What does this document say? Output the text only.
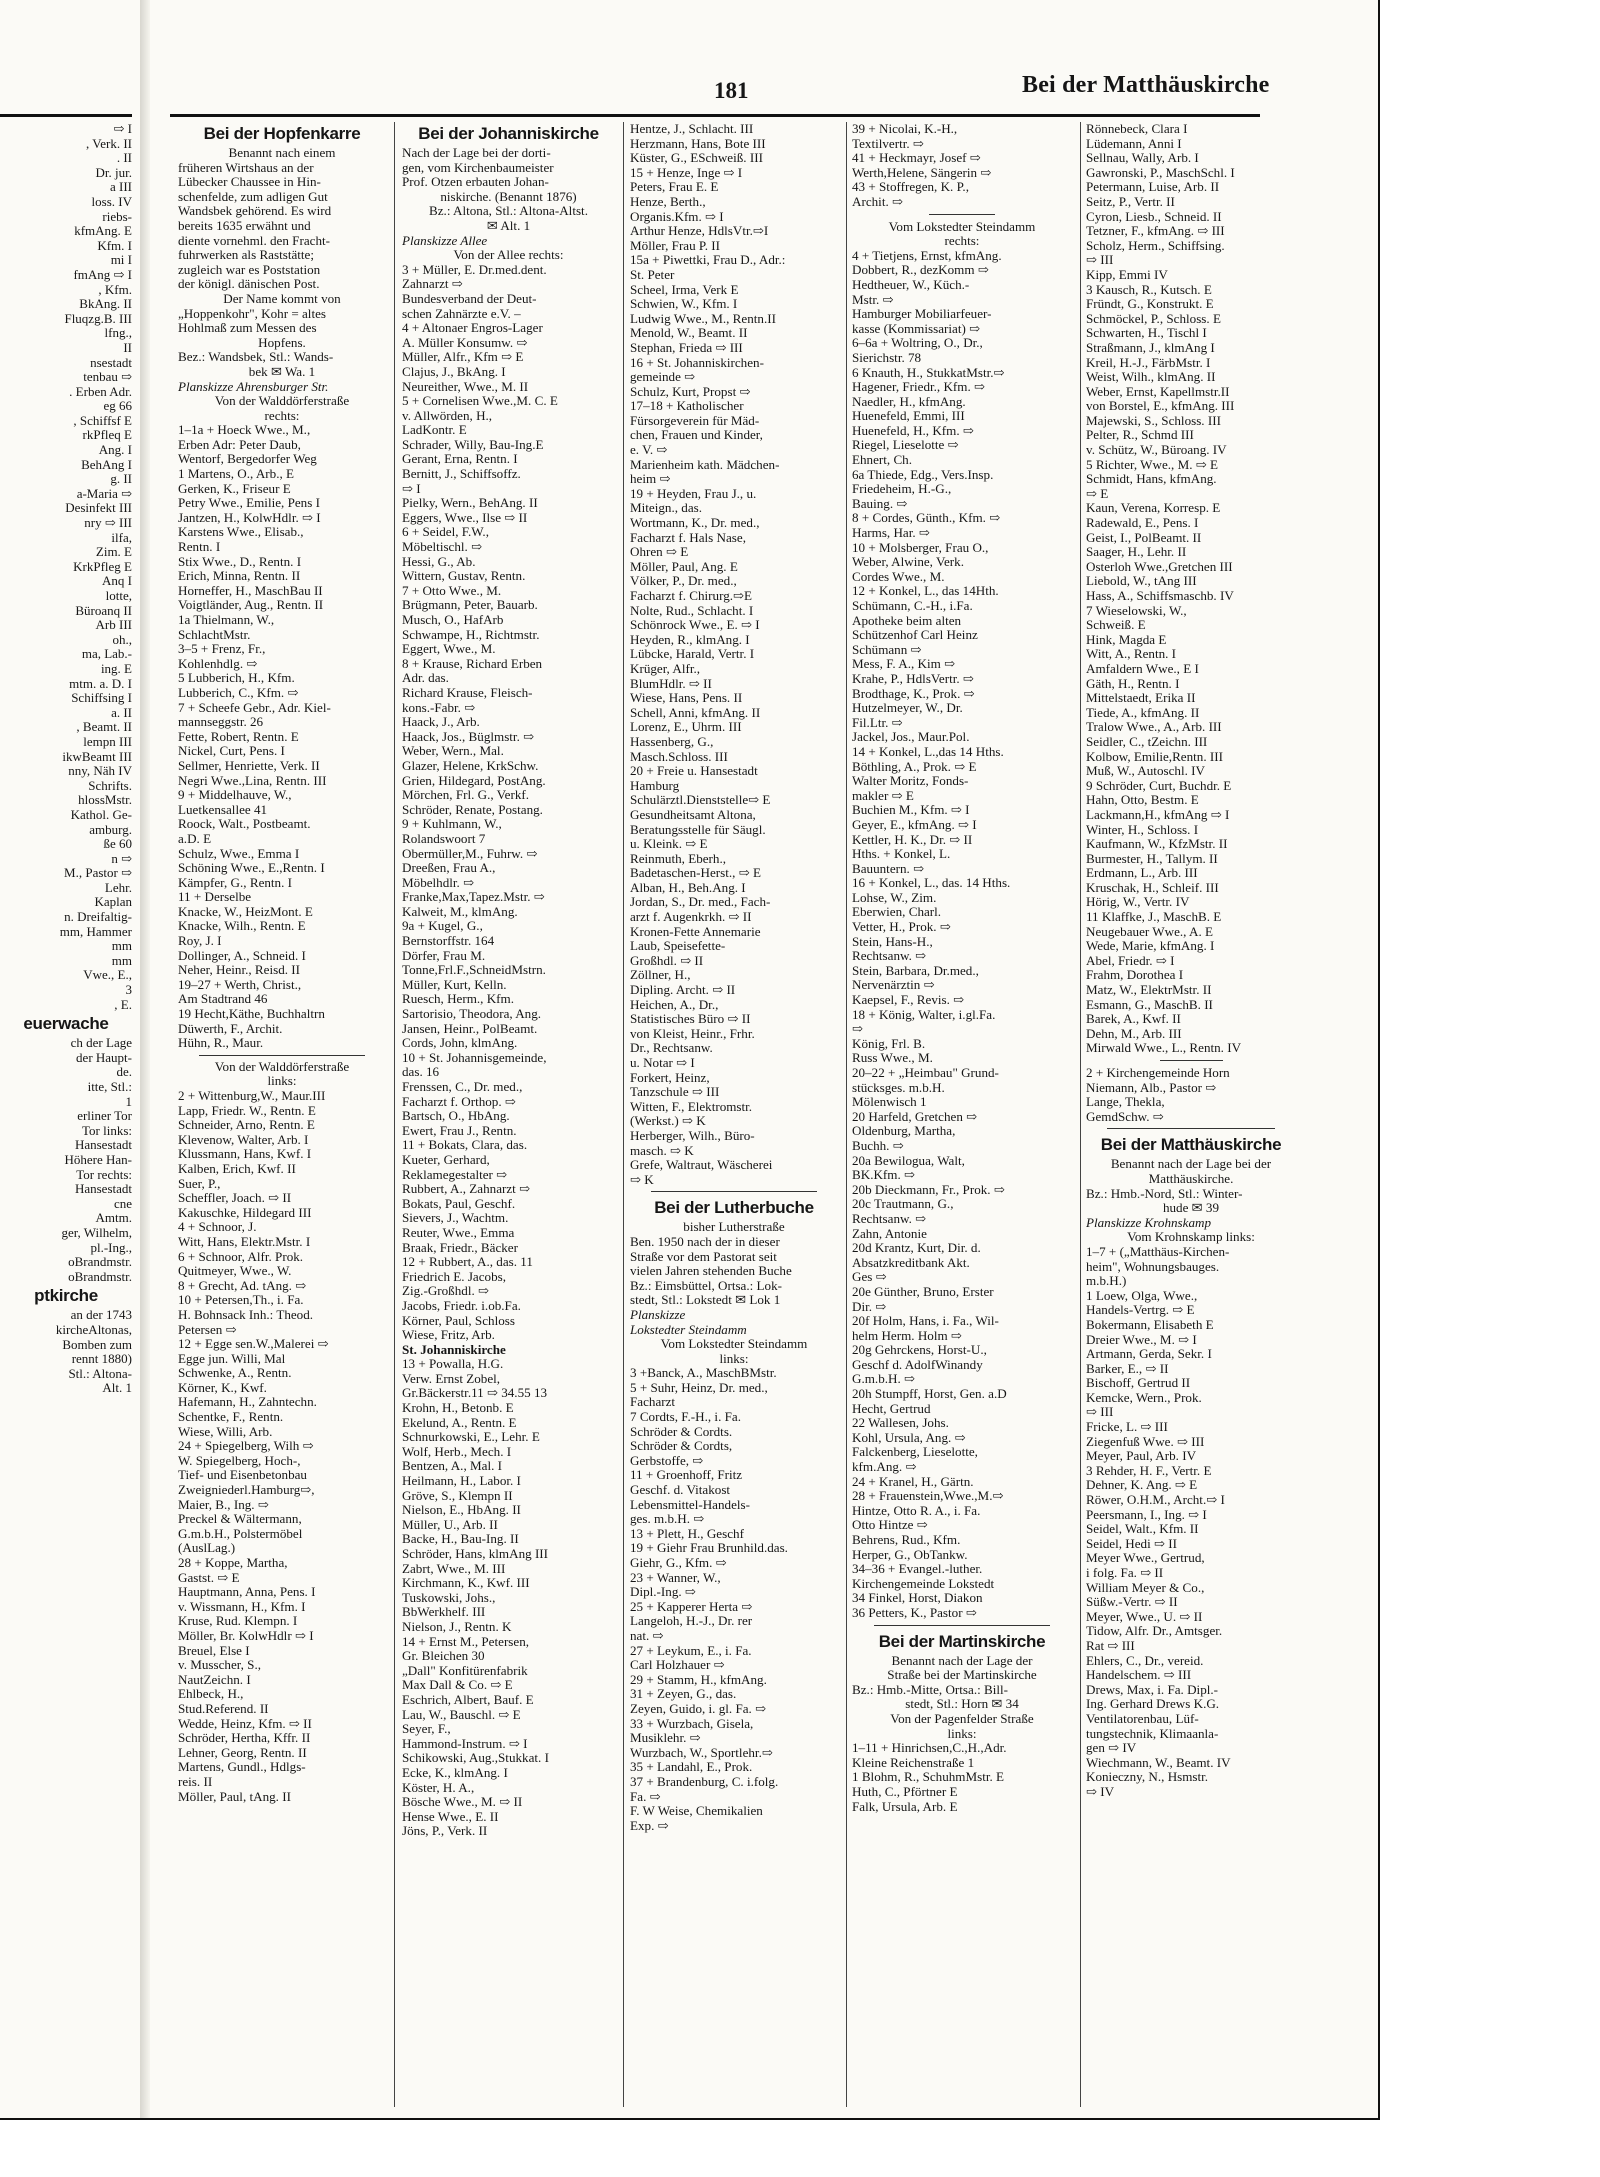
181	Bei der Matthäuskirche
⇨ I
, Verk. II
. II
Dr. jur.
a III
loss. IV
riebs-
kfmAng. E
Kfm. I
mi I
fmAng ⇨ I
, Kfm.
BkAng. II
Fluqzg.B. III
lfng.,
II
nsestadt
tenbau ⇨
. Erben Adr.
eg 66
, Schiffsf E
rkPfleq E
Ang. I
BehAng I
g. II
a-Maria ⇨
Desinfekt III
nry ⇨ III
ilfa,
Zim. E
KrkPfleg E
Anq I
lotte,
Büroanq II
Arb III
oh.,
ma, Lab.-
ing. E
mtm. a. D. I
Schiffsing I
a. II
, Beamt. II
lempn III
ikwBeamt III
nny, Näh IV
Schrifts.
hlossMstr.
Kathol. Ge-
amburg.
ße 60
n ⇨
M., Pastor ⇨
Lehr.
Kaplan
n. Dreifaltig-
mm, Hammer
mm
mm
Vwe., E.,
3
, E.
euerwache
ch der Lage
der Haupt-
de.
itte, Stl.:
1
erliner Tor
Tor links:
Hansestadt
Höhere Han-
Tor rechts:
Hansestadt
cne
Amtm.
ger, Wilhelm,
pl.-Ing.,
oBrandmstr.
oBrandmstr.
ptkirche
an der 1743
kircheAltonas,
Bomben zum
rennt 1880)
Stl.: Altona-
Alt. 1
Bei der Hopfenkarre
Benannt nach einem
früheren Wirtshaus an der
Lübecker Chaussee in Hin-
schenfelde, zum adligen Gut
Wandsbek gehörend. Es wird
bereits 1635 erwähnt und
diente vornehml. den Fracht-
fuhrwerken als Raststätte;
zugleich war es Poststation
der königl. dänischen Post.
Der Name kommt von
„Hoppenkohr", Kohr = altes
Hohlmaß zum Messen des
Hopfens.
Bez.: Wandsbek, Stl.: Wands-
bek ✉ Wa. 1
Planskizze Ahrensburger Str.
Von der Walddörferstraße
rechts:
1–1a + Hoeck Wwe., M.,
Erben Adr: Peter Daub,
Wentorf, Bergedorfer Weg
1 Martens, O., Arb., E
Gerken, K., Friseur E
Petry Wwe., Emilie, Pens I
Jantzen, H., KolwHdlr. ⇨ I
Karstens Wwe., Elisab.,
Rentn. I
Stix Wwe., D., Rentn. I
Erich, Minna, Rentn. II
Horneffer, H., MaschBau II
Voigtländer, Aug., Rentn. II
1a Thielmann, W.,
SchlachtMstr.
3–5 + Frenz, Fr.,
Kohlenhdlg. ⇨
5 Lubberich, H., Kfm.
Lubberich, C., Kfm. ⇨
7 + Scheefe Gebr., Adr. Kiel-
mannseggstr. 26
Fette, Robert, Rentn. E
Nickel, Curt, Pens. I
Sellmer, Henriette, Verk. II
Negri Wwe.,Lina, Rentn. III
9 + Middelhauve, W.,
Luetkensallee 41
Roock, Walt., Postbeamt.
a.D. E
Schulz, Wwe., Emma I
Schöning Wwe., E.,Rentn. I
Kämpfer, G., Rentn. I
11 + Derselbe
Knacke, W., HeizMont. E
Knacke, Wilh., Rentn. E
Roy, J. I
Dollinger, A., Schneid. I
Neher, Heinr., Reisd. II
19–27 + Werth, Christ.,
Am Stadtrand 46
19 Hecht,Käthe, Buchhaltrn
Düwerth, F., Archit.
Hühn, R., Maur.
Von der Walddörferstraße
links:
2 + Wittenburg,W., Maur.III
Lapp, Friedr. W., Rentn. E
Schneider, Arno, Rentn. E
Klevenow, Walter, Arb. I
Klussmann, Hans, Kwf. I
Kalben, Erich, Kwf. II
Suer, P.,
Scheffler, Joach. ⇨ II
Kakuschke, Hildegard III
4 + Schnoor, J.
Witt, Hans, Elektr.Mstr. I
6 + Schnoor, Alfr. Prok.
Quitmeyer, Wwe., W.
8 + Grecht, Ad. tAng. ⇨
10 + Petersen,Th., i. Fa.
H. Bohnsack Inh.: Theod.
Petersen ⇨
12 + Egge sen.W.,Malerei ⇨
Egge jun. Willi, Mal
Schwenke, A., Rentn.
Körner, K., Kwf.
Hafemann, H., Zahntechn.
Schentke, F., Rentn.
Wiese, Willi, Arb.
24 + Spiegelberg, Wilh ⇨
W. Spiegelberg, Hoch-,
Tief- und Eisenbetonbau
Zweigniederl.Hamburg⇨,
Maier, B., Ing. ⇨
Preckel & Wältermann,
G.m.b.H., Polstermöbel
(AuslLag.)
28 + Koppe, Martha,
Gastst. ⇨ E
Hauptmann, Anna, Pens. I
v. Wissmann, H., Kfm. I
Kruse, Rud. Klempn. I
Möller, Br. KolwHdlr ⇨ I
Breuel, Else I
v. Musscher, S.,
NautZeichn. I
Ehlbeck, H.,
Stud.Referend. II
Wedde, Heinz, Kfm. ⇨ II
Schröder, Hertha, Kffr. II
Lehner, Georg, Rentn. II
Martens, Gundl., Hdlgs-
reis. II
Möller, Paul, tAng. II
Bei der Johanniskirche
Nach der Lage bei der dorti-
gen, vom Kirchenbaumeister
Prof. Otzen erbauten Johan-
niskirche. (Benannt 1876)
Bz.: Altona, Stl.: Altona-Altst.
✉ Alt. 1
Planskizze Allee
Von der Allee rechts:
3 + Müller, E. Dr.med.dent.
Zahnarzt ⇨
Bundesverband der Deut-
schen Zahnärzte e.V. –
4 + Altonaer Engros-Lager
A. Müller Konsumw. ⇨
Müller, Alfr., Kfm ⇨ E
Clajus, J., BkAng. I
Neureither, Wwe., M. II
5 + Cornelisen Wwe.,M. C. E
v. Allwörden, H.,
LadKontr. E
Schrader, Willy, Bau-Ing.E
Gerant, Erna, Rentn. I
Bernitt, J., Schiffsoffz.
⇨ I
Pielky, Wern., BehAng. II
Eggers, Wwe., Ilse ⇨ II
6 + Seidel, F.W.,
Möbeltischl. ⇨
Hessi, G., Ab.
Wittern, Gustav, Rentn.
7 + Otto Wwe., M.
Brügmann, Peter, Bauarb.
Musch, O., HafArb
Schwampe, H., Richtmstr.
Eggert, Wwe., M.
8 + Krause, Richard Erben
Adr. das.
Richard Krause, Fleisch-
kons.-Fabr. ⇨
Haack, J., Arb.
Haack, Jos., Büglmstr. ⇨
Weber, Wern., Mal.
Glazer, Helene, KrkSchw.
Grien, Hildegard, PostAng.
Mörchen, Frl. G., Verkf.
Schröder, Renate, Postang.
9 + Kuhlmann, W.,
Rolandswoort 7
Obermüller,M., Fuhrw. ⇨
Dreeßen, Frau A.,
Möbelhdlr. ⇨
Franke,Max,Tapez.Mstr. ⇨
Kalweit, M., klmAng.
9a + Kugel, G.,
Bernstorffstr. 164
Dörfer, Frau M.
Tonne,Frl.F.,SchneidMstrn.
Müller, Kurt, Kelln.
Ruesch, Herm., Kfm.
Sartorisio, Theodora, Ang.
Jansen, Heinr., PolBeamt.
Cords, John, klmAng.
10 + St. Johannisgemeinde,
das. 16
Frenssen, C., Dr. med.,
Facharzt f. Orthop. ⇨
Bartsch, O., HbAng.
Ewert, Frau J., Rentn.
11 + Bokats, Clara, das.
Kueter, Gerhard,
Reklamegestalter ⇨
Rubbert, A., Zahnarzt ⇨
Bokats, Paul, Geschf.
Sievers, J., Wachtm.
Reuter, Wwe., Emma
Braak, Friedr., Bäcker
12 + Rubbert, A., das. 11
Friedrich E. Jacobs,
Zig.-Großhdl. ⇨
Jacobs, Friedr. i.ob.Fa.
Körner, Paul, Schloss
Wiese, Fritz, Arb.
St. Johanniskirche
13 + Powalla, H.G.
Verw. Ernst Zobel,
Gr.Bäckerstr.11 ⇨ 34.55 13
Krohn, H., Betonb. E
Ekelund, A., Rentn. E
Schnurkowski, E., Lehr. E
Wolf, Herb., Mech. I
Bentzen, A., Mal. I
Heilmann, H., Labor. I
Gröve, S., Klempn II
Nielson, E., HbAng. II
Müller, U., Arb. II
Backe, H., Bau-Ing. II
Schröder, Hans, klmAng III
Zabrt, Wwe., M. III
Kirchmann, K., Kwf. III
Tuskowski, Johs.,
BbWerkhelf. III
Nielson, J., Rentn. K
14 + Ernst M., Petersen,
Gr. Bleichen 30
„Dall" Konfitürenfabrik
Max Dall & Co. ⇨ E
Eschrich, Albert, Bauf. E
Lau, W., Bauschl. ⇨ E
Seyer, F.,
Hammond-Instrum. ⇨ I
Schikowski, Aug.,Stukkat. I
Ecke, K., klmAng. I
Köster, H. A.,
Bösche Wwe., M. ⇨ II
Hense Wwe., E. II
Jöns, P., Verk. II
Hentze, J., Schlacht. III
Herzmann, Hans, Bote III
Küster, G., ESchweiß. III
15 + Henze, Inge ⇨ I
Peters, Frau E. E
Henze, Berth.,
Organis.Kfm. ⇨ I
Arthur Henze, HdlsVtr.⇨I
Möller, Frau P. II
15a + Piwettki, Frau D., Adr.:
St. Peter
Scheel, Irma, Verk E
Schwien, W., Kfm. I
Ludwig Wwe., M., Rentn.II
Menold, W., Beamt. II
Stephan, Frieda ⇨ III
16 + St. Johanniskirchen-
gemeinde ⇨
Schulz, Kurt, Propst ⇨
17–18 + Katholischer
Fürsorgeverein für Mäd-
chen, Frauen und Kinder,
e. V. ⇨
Marienheim kath. Mädchen-
heim ⇨
19 + Heyden, Frau J., u.
Miteign., das.
Wortmann, K., Dr. med.,
Facharzt f. Hals Nase,
Ohren ⇨ E
Möller, Paul, Ang. E
Völker, P., Dr. med.,
Facharzt f. Chirurg.⇨E
Nolte, Rud., Schlacht. I
Schönrock Wwe., E. ⇨ I
Heyden, R., klmAng. I
Lübcke, Harald, Vertr. I
Krüger, Alfr.,
BlumHdlr. ⇨ II
Wiese, Hans, Pens. II
Schell, Anni, kfmAng. II
Lorenz, E., Uhrm. III
Hassenberg, G.,
Masch.Schloss. III
20 + Freie u. Hansestadt
Hamburg
Schulärztl.Dienststelle⇨ E
Gesundheitsamt Altona,
Beratungsstelle für Säugl.
u. Kleink. ⇨ E
Reinmuth, Eberh.,
Badetaschen-Herst., ⇨ E
Alban, H., Beh.Ang. I
Jordan, S., Dr. med., Fach-
arzt f. Augenkrkh. ⇨ II
Kronen-Fette Annemarie
Laub, Speisefette-
Großhdl. ⇨ II
Zöllner, H.,
Dipling. Archt. ⇨ II
Heichen, A., Dr.,
Statistisches Büro ⇨ II
von Kleist, Heinr., Frhr.
Dr., Rechtsanw.
u. Notar ⇨ I
Forkert, Heinz,
Tanzschule ⇨ III
Witten, F., Elektromstr.
(Werkst.) ⇨ K
Herberger, Wilh., Büro-
masch. ⇨ K
Grefe, Waltraut, Wäscherei
⇨ K
Bei der Lutherbuche
bisher Lutherstraße
Ben. 1950 nach der in dieser
Straße vor dem Pastorat seit
vielen Jahren stehenden Buche
Bz.: Eimsbüttel, Ortsa.: Lok-
stedt, Stl.: Lokstedt ✉ Lok 1
Planskizze
Lokstedter Steindamm
Vom Lokstedter Steindamm
links:
3 +Banck, A., MaschBMstr.
5 + Suhr, Heinz, Dr. med.,
Facharzt
7 Cordts, F.-H., i. Fa.
Schröder & Cordts.
Schröder & Cordts,
Gerbstoffe, ⇨
11 + Groenhoff, Fritz
Geschf. d. Vitakost
Lebensmittel-Handels-
ges. m.b.H. ⇨
13 + Plett, H., Geschf
19 + Giehr Frau Brunhild.das.
Giehr, G., Kfm. ⇨
23 + Wanner, W.,
Dipl.-Ing. ⇨
25 + Kapperer Herta ⇨
Langeloh, H.-J., Dr. rer
nat. ⇨
27 + Leykum, E., i. Fa.
Carl Holzhauer ⇨
29 + Stamm, H., kfmAng.
31 + Zeyen, G., das.
Zeyen, Guido, i. gl. Fa. ⇨
33 + Wurzbach, Gisela,
Musiklehr. ⇨
Wurzbach, W., Sportlehr.⇨
35 + Landahl, E., Prok.
37 + Brandenburg, C. i.folg.
Fa. ⇨
F. W Weise, Chemikalien
Exp. ⇨
39 + Nicolai, K.-H.,
Textilvertr. ⇨
41 + Heckmayr, Josef ⇨
Werth,Helene, Sängerin ⇨
43 + Stoffregen, K. P.,
Archit. ⇨
Vom Lokstedter Steindamm
rechts:
4 + Tietjens, Ernst, kfmAng.
Dobbert, R., dezKomm ⇨
Hedtheuer, W., Küch.-
Mstr. ⇨
Hamburger Mobiliarfeuer-
kasse (Kommissariat) ⇨
6–6a + Woltring, O., Dr.,
Sierichstr. 78
6 Knauth, H., StukkatMstr.⇨
Hagener, Friedr., Kfm. ⇨
Naedler, H., kfmAng.
Huenefeld, Emmi, III
Huenefeld, H., Kfm. ⇨
Riegel, Lieselotte ⇨
Ehnert, Ch.
6a Thiede, Edg., Vers.Insp.
Friedeheim, H.-G.,
Bauing. ⇨
8 + Cordes, Günth., Kfm. ⇨
Harms, Har. ⇨
10 + Molsberger, Frau O.,
Weber, Alwine, Verk.
Cordes Wwe., M.
12 + Konkel, L., das 14Hth.
Schümann, C.-H., i.Fa.
Apotheke beim alten
Schützenhof Carl Heinz
Schümann ⇨
Mess, F. A., Kim ⇨
Krahe, P., HdlsVertr. ⇨
Brodthage, K., Prok. ⇨
Hutzelmeyer, W., Dr.
Fil.Ltr. ⇨
Jackel, Jos., Maur.Pol.
14 + Konkel, L.,das 14 Hths.
Böthling, A., Prok. ⇨ E
Walter Moritz, Fonds-
makler ⇨ E
Buchien M., Kfm. ⇨ I
Geyer, E., kfmAng. ⇨ I
Kettler, H. K., Dr. ⇨ II
Hths. + Konkel, L.
Bauuntern. ⇨
16 + Konkel, L., das. 14 Hths.
Lohse, W., Zim.
Eberwien, Charl.
Vetter, H., Prok. ⇨
Stein, Hans-H.,
Rechtsanw. ⇨
Stein, Barbara, Dr.med.,
Nervenärztin ⇨
Kaepsel, F., Revis. ⇨
18 + König, Walter, i.gl.Fa.
⇨
König, Frl. B.
Russ Wwe., M.
20–22 + „Heimbau" Grund-
stücksges. m.b.H.
Mölenwisch 1
20 Harfeld, Gretchen ⇨
Oldenburg, Martha,
Buchh. ⇨
20a Bewilogua, Walt,
BK.Kfm. ⇨
20b Dieckmann, Fr., Prok. ⇨
20c Trautmann, G.,
Rechtsanw. ⇨
Zahn, Antonie
20d Krantz, Kurt, Dir. d.
Absatzkreditbank Akt.
Ges ⇨
20e Günther, Bruno, Erster
Dir. ⇨
20f Holm, Hans, i. Fa., Wil-
helm Herm. Holm ⇨
20g Gehrckens, Horst-U.,
Geschf d. AdolfWinandy
G.m.b.H. ⇨
20h Stumpff, Horst, Gen. a.D
Hecht, Gertrud
22 Wallesen, Johs.
Kohl, Ursula, Ang. ⇨
Falckenberg, Lieselotte,
kfm.Ang. ⇨
24 + Kranel, H., Gärtn.
28 + Frauenstein,Wwe.,M.⇨
Hintze, Otto R. A., i. Fa.
Otto Hintze ⇨
Behrens, Rud., Kfm.
Herper, G., ObTankw.
34–36 + Evangel.-luther.
Kirchengemeinde Lokstedt
34 Finkel, Horst, Diakon
36 Petters, K., Pastor ⇨
Bei der Martinskirche
Benannt nach der Lage der
Straße bei der Martinskirche
Bz.: Hmb.-Mitte, Ortsa.: Bill-
stedt, Stl.: Horn ✉ 34
Von der Pagenfelder Straße
links:
1–11 + Hinrichsen,C.,H.,Adr.
Kleine Reichenstraße 1
1 Blohm, R., SchuhmMstr. E
Huth, C., Pförtner E
Falk, Ursula, Arb. E
Rönnebeck, Clara I
Lüdemann, Anni I
Sellnau, Wally, Arb. I
Gawronski, P., MaschSchl. I
Petermann, Luise, Arb. II
Seitz, P., Vertr. II
Cyron, Liesb., Schneid. II
Tetzner, F., kfmAng. ⇨ III
Scholz, Herm., Schiffsing.
⇨ III
Kipp, Emmi IV
3 Kausch, R., Kutsch. E
Fründt, G., Konstrukt. E
Schmöckel, P., Schloss. E
Schwarten, H., Tischl I
Straßmann, J., klmAng I
Kreil, H.-J., FärbMstr. I
Weist, Wilh., klmAng. II
Weber, Ernst, Kapellmstr.II
von Borstel, E., kfmAng. III
Majewski, S., Schloss. III
Pelter, R., Schmd III
v. Schütz, W., Büroang. IV
5 Richter, Wwe., M. ⇨ E
Schmidt, Hans, kfmAng.
⇨ E
Kaun, Verena, Korresp. E
Radewald, E., Pens. I
Geist, I., PolBeamt. II
Saager, H., Lehr. II
Osterloh Wwe.,Gretchen III
Liebold, W., tAng III
Hass, A., Schiffsmaschb. IV
7 Wieselowski, W.,
Schweiß. E
Hink, Magda E
Witt, A., Rentn. I
Amfaldern Wwe., E I
Gäth, H., Rentn. I
Mittelstaedt, Erika II
Tiede, A., kfmAng. II
Tralow Wwe., A., Arb. III
Seidler, C., tZeichn. III
Kolbow, Emilie,Rentn. III
Muß, W., Autoschl. IV
9 Schröder, Curt, Buchdr. E
Hahn, Otto, Bestm. E
Lackmann,H., kfmAng ⇨ I
Winter, H., Schloss. I
Kaufmann, W., KfzMstr. II
Burmester, H., Tallym. II
Erdmann, L., Arb. III
Kruschak, H., Schleif. III
Hörig, W., Vertr. IV
11 Klaffke, J., MaschB. E
Neugebauer Wwe., A. E
Wede, Marie, kfmAng. I
Abel, Friedr. ⇨ I
Frahm, Dorothea I
Matz, W., ElektrMstr. II
Esmann, G., MaschB. II
Barek, A., Kwf. II
Dehn, M., Arb. III
Mirwald Wwe., L., Rentn. IV
2 + Kirchengemeinde Horn
Niemann, Alb., Pastor ⇨
Lange, Thekla,
GemdSchw. ⇨
Bei der Matthäuskirche
Benannt nach der Lage bei der
Matthäuskirche.
Bz.: Hmb.-Nord, Stl.: Winter-
hude ✉ 39
Planskizze Krohnskamp
Vom Krohnskamp links:
1–7 + („Matthäus-Kirchen-
heim", Wohnungsbauges.
m.b.H.)
1 Loew, Olga, Wwe.,
Handels-Vertrg. ⇨ E
Bokermann, Elisabeth E
Dreier Wwe., M. ⇨ I
Artmann, Gerda, Sekr. I
Barker, E., ⇨ II
Bischoff, Gertrud II
Kemcke, Wern., Prok.
⇨ III
Fricke, L. ⇨ III
Ziegenfuß Wwe. ⇨ III
Meyer, Paul, Arb. IV
3 Rehder, H. F., Vertr. E
Dehner, K. Ang. ⇨ E
Röwer, O.H.M., Archt.⇨ I
Peersmann, I., Ing. ⇨ I
Seidel, Walt., Kfm. II
Seidel, Hedi ⇨ II
Meyer Wwe., Gertrud,
i folg. Fa. ⇨ II
William Meyer & Co.,
Süßw.-Vertr. ⇨ II
Meyer, Wwe., U. ⇨ II
Tidow, Alfr. Dr., Amtsger.
Rat ⇨ III
Ehlers, C., Dr., vereid.
Handelschem. ⇨ III
Drews, Max, i. Fa. Dipl.-
Ing. Gerhard Drews K.G.
Ventilatorenbau, Lüf-
tungstechnik, Klimaanla-
gen ⇨ IV
Wiechmann, W., Beamt. IV
Konieczny, N., Hsmstr.
⇨ IV
